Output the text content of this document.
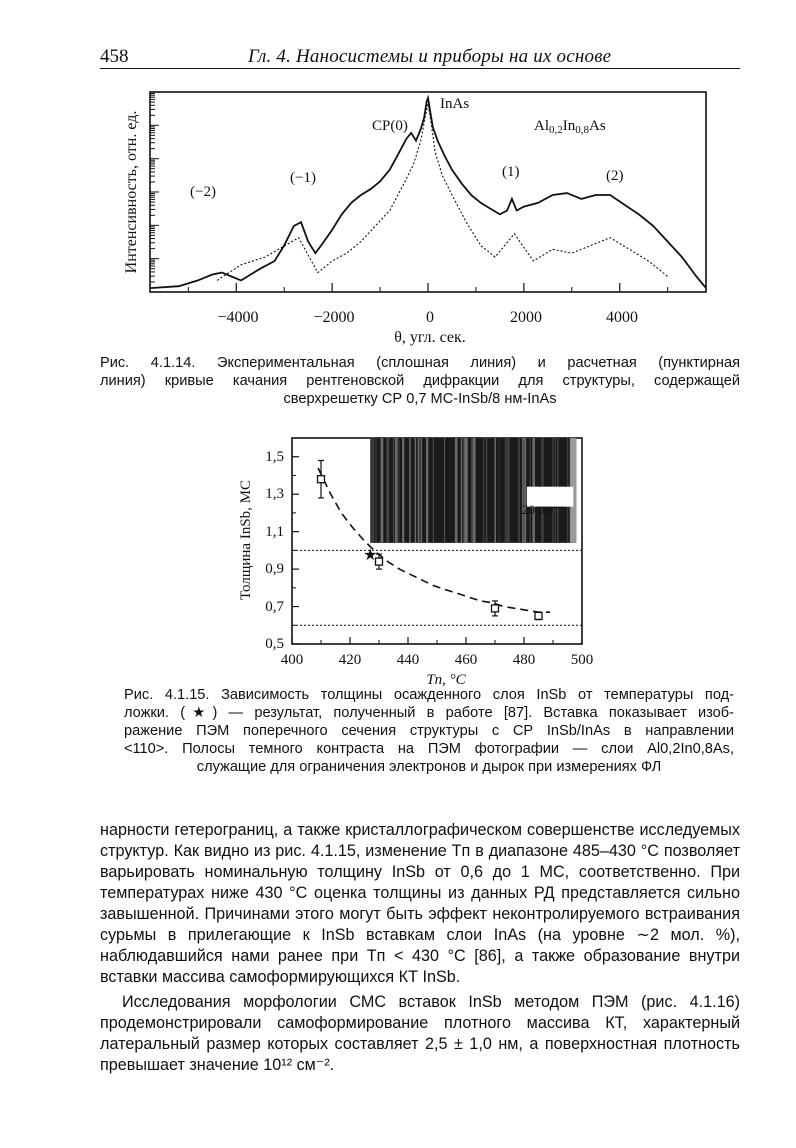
458	Гл. 4. Наносистемы и приборы на их основе
Интенсивность, отн. ед.
−4000	−2000	0	2000	4000
θ, угл. сек.
InAs
СР(0)
(−2)
(−1)	(1)	(2)
$Al_{0,2}In_{0,8}As$
Рис. 4.1.14. Экспериментальная (сплошная линия) и расчетная (пунктирная
линия) кривые качания рентгеновской дифракции для структуры, содержащей
сверхрешетку СР 0,7 МС-InSb/8 нм-InAs
★
Толщина InSb, МС
0,5
0,7
0,9
1,1
1,3
1,5
400 420 440 460 480 500
Tп, °C
20 нм
Рис. 4.1.15. Зависимость толщины осажденного слоя InSb от температуры под-
ложки. (★) — результат, полученный в работе [87]. Вставка показывает изоб-
ражение ПЭМ поперечного сечения структуры с СР InSb/InAs в направлении
<110>. Полосы темного контраста на ПЭМ фотографии — слои Al0,2In0,8As,
служащие для ограничения электронов и дырок при измерениях ФЛ

нарности гетерограниц, а также кристаллографическом совершенстве исследуемых структур. Как видно из рис. 4.1.15, изменение Tп в диапазоне 485–430 °С позволяет варьировать номинальную толщину InSb от 0,6 до 1 МС, соответственно. При температурах ниже 430 °С оценка толщины из данных РД представляется сильно завышенной. Причинами этого могут быть эффект неконтролируемого встраивания сурьмы в прилегающие к InSb вставкам слои InAs (на уровне ∼2 мол. %), наблюдавшийся нами ранее при Tп < 430 °С [86], а также образование внутри вставки массива самоформирующихся КТ InSb.

Исследования морфологии СМС вставок InSb методом ПЭМ (рис. 4.1.16) продемонстрировали самоформирование плотного массива КТ, характерный латеральный размер которых составляет 2,5 ± 1,0 нм, а поверхностная плотность превышает значение 10¹² см⁻².
